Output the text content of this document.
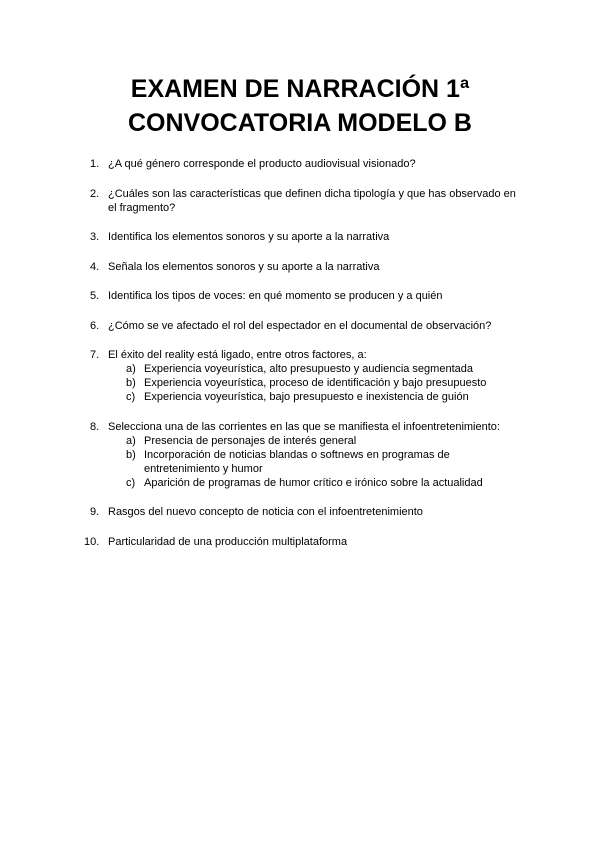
EXAMEN DE NARRACIÓN 1ª
CONVOCATORIA MODELO B
1. ¿A qué género corresponde el producto audiovisual visionado?
2. ¿Cuáles son las características que definen dicha tipología y que has observado en el fragmento?
3. Identifica los elementos sonoros y su aporte a la narrativa
4. Señala los elementos sonoros y su aporte a la narrativa
5. Identifica los tipos de voces: en qué momento se producen y a quién
6. ¿Cómo se ve afectado el rol del espectador en el documental de observación?
7. El éxito del reality está ligado, entre otros factores, a:
a) Experiencia voyeurística, alto presupuesto y audiencia segmentada
b) Experiencia voyeurística, proceso de identificación y bajo presupuesto
c) Experiencia voyeurística, bajo presupuesto e inexistencia de guión
8. Selecciona una de las corrientes en las que se manifiesta el infoentretenimiento:
a) Presencia de personajes de interés general
b) Incorporación de noticias blandas o softnews en programas de entretenimiento y humor
c) Aparición de programas de humor crítico e irónico sobre la actualidad
9. Rasgos del nuevo concepto de noticia con el infoentretenimiento
10. Particularidad de una producción multiplataforma
